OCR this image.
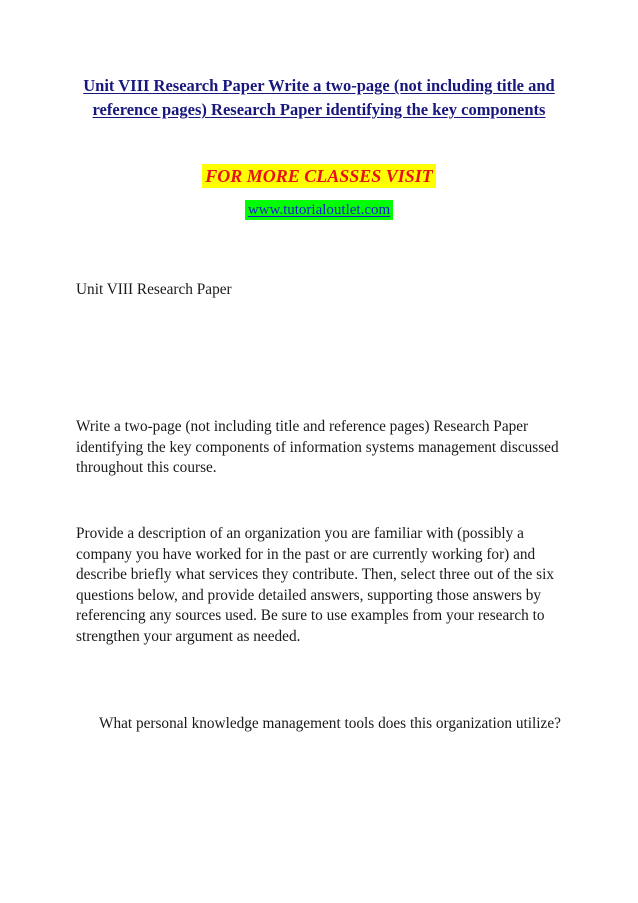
Unit VIII Research Paper Write a two-page (not including title and reference pages) Research Paper identifying the key components
FOR MORE CLASSES VISIT
www.tutorialoutlet.com

Unit VIII Research Paper

Write a two-page (not including title and reference pages) Research Paper identifying the key components of information systems management discussed throughout this course.

Provide a description of an organization you are familiar with (possibly a company you have worked for in the past or are currently working for) and describe briefly what services they contribute. Then, select three out of the six questions below, and provide detailed answers, supporting those answers by referencing any sources used. Be sure to use examples from your research to strengthen your argument as needed.

What personal knowledge management tools does this organization utilize?
